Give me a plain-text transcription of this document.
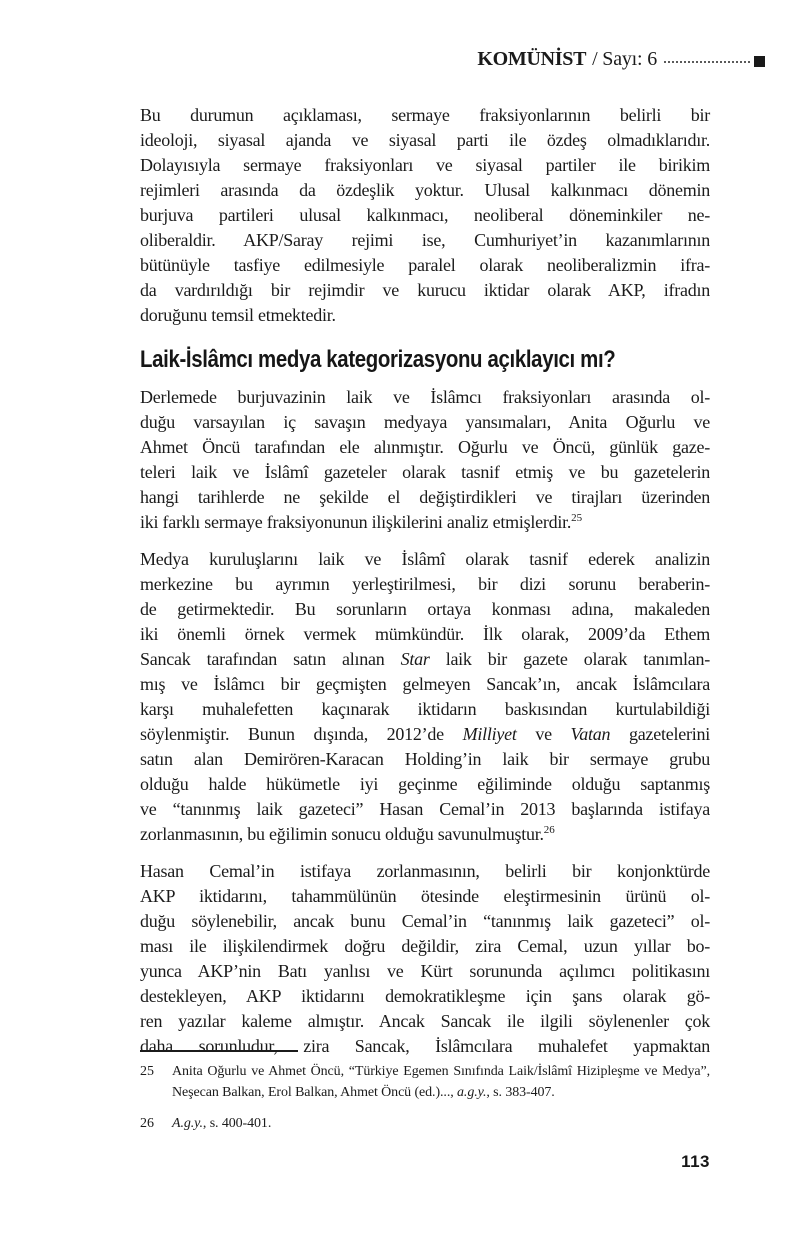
KOMÜNİST / Sayı: 6
Bu durumun açıklaması, sermaye fraksiyonlarının belirli bir
ideoloji, siyasal ajanda ve siyasal parti ile özdeş olmadıklarıdır.
Dolayısıyla sermaye fraksiyonları ve siyasal partiler ile birikim
rejimleri arasında da özdeşlik yoktur. Ulusal kalkınmacı dönemin
burjuva partileri ulusal kalkınmacı, neoliberal döneminkiler ne-
oliberaldir. AKP/Saray rejimi ise, Cumhuriyet’in kazanımlarının
bütünüyle tasfiye edilmesiyle paralel olarak neoliberalizmin ifra-
da vardırıldığı bir rejimdir ve kurucu iktidar olarak AKP, ifradın
doruğunu temsil etmektedir.
Laik-İslâmcı medya kategorizasyonu açıklayıcı mı?
Derlemede burjuvazinin laik ve İslâmcı fraksiyonları arasında ol-
duğu varsayılan iç savaşın medyaya yansımaları, Anita Oğurlu ve
Ahmet Öncü tarafından ele alınmıştır. Oğurlu ve Öncü, günlük gaze-
teleri laik ve İslâmî gazeteler olarak tasnif etmiş ve bu gazetelerin
hangi tarihlerde ne şekilde el değiştirdikleri ve tirajları üzerinden
iki farklı sermaye fraksiyonunun ilişkilerini analiz etmişlerdir.$^{25}$
Medya kuruluşlarını laik ve İslâmî olarak tasnif ederek analizin
merkezine bu ayrımın yerleştirilmesi, bir dizi sorunu beraberin-
de getirmektedir. Bu sorunların ortaya konması adına, makaleden
iki önemli örnek vermek mümkündür. İlk olarak, 2009’da Ethem
Sancak tarafından satın alınan Star laik bir gazete olarak tanımlan-
mış ve İslâmcı bir geçmişten gelmeyen Sancak’ın, ancak İslâmcılara
karşı muhalefetten kaçınarak iktidarın baskısından kurtulabildiği
söylenmiştir. Bunun dışında, 2012’de Milliyet ve Vatan gazetelerini
satın alan Demirören-Karacan Holding’in laik bir sermaye grubu
olduğu halde hükümetle iyi geçinme eğiliminde olduğu saptanmış
ve “tanınmış laik gazeteci” Hasan Cemal’in 2013 başlarında istifaya
zorlanmasının, bu eğilimin sonucu olduğu savunulmuştur.$^{26}$
Hasan Cemal’in istifaya zorlanmasının, belirli bir konjonktürde
AKP iktidarını, tahammülünün ötesinde eleştirmesinin ürünü ol-
duğu söylenebilir, ancak bunu Cemal’in “tanınmış laik gazeteci” ol-
ması ile ilişkilendirmek doğru değildir, zira Cemal, uzun yıllar bo-
yunca AKP’nin Batı yanlısı ve Kürt sorununda açılımcı politikasını
destekleyen, AKP iktidarını demokratikleşme için şans olarak gö-
ren yazılar kaleme almıştır. Ancak Sancak ile ilgili söylenenler çok
daha sorunludur, zira Sancak, İslâmcılara muhalefet yapmaktan
25	Anita Oğurlu ve Ahmet Öncü, “Türkiye Egemen Sınıfında Laik/İslâmî Hizipleşme ve Medya”, Neşecan Balkan, Erol Balkan, Ahmet Öncü (ed.)..., a.g.y., s. 383-407.
26	A.g.y., s. 400-401.
113
